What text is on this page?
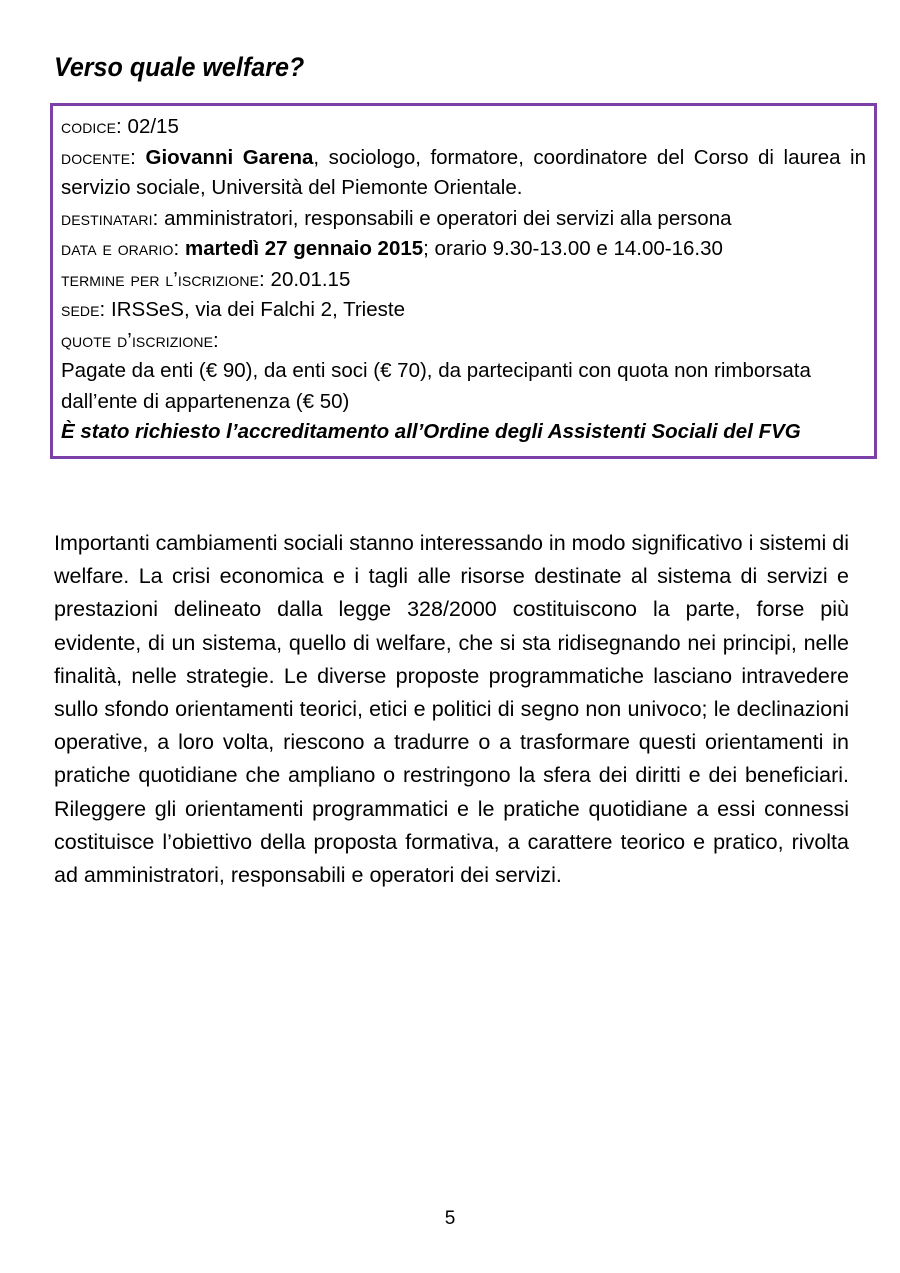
Verso quale welfare?
codice: 02/15
docente: Giovanni Garena, sociologo, formatore, coordinatore del Corso di laurea in servizio sociale, Università del Piemonte Orientale.
destinatari: amministratori, responsabili e operatori dei servizi alla persona
data e orario: martedì 27 gennaio 2015; orario 9.30-13.00 e 14.00-16.30
termine per l’iscrizione: 20.01.15
sede: IRSSeS, via dei Falchi 2, Trieste
quote d’iscrizione:
Pagate da enti (€ 90), da enti soci (€ 70), da partecipanti con quota non rimborsata dall’ente di appartenenza (€ 50)
È stato richiesto l’accreditamento all’Ordine degli Assistenti Sociali del FVG
Importanti cambiamenti sociali stanno interessando in modo significativo i sistemi di welfare. La crisi economica e i tagli alle risorse destinate al sistema di servizi e prestazioni delineato dalla legge 328/2000 costituiscono la parte, forse più evidente, di un sistema, quello di welfare, che si sta ridisegnando nei principi, nelle finalità, nelle strategie. Le diverse proposte programmatiche lasciano intravedere sullo sfondo orientamenti teorici, etici e politici di segno non univoco; le declinazioni operative, a loro volta, riescono a tradurre o a trasformare questi orientamenti in pratiche quotidiane che ampliano o restringono la sfera dei diritti e dei beneficiari. Rileggere gli orientamenti programmatici e le pratiche quotidiane a essi connessi costituisce l’obiettivo della proposta formativa, a carattere teorico e pratico, rivolta ad amministratori, responsabili e operatori dei servizi.
5
